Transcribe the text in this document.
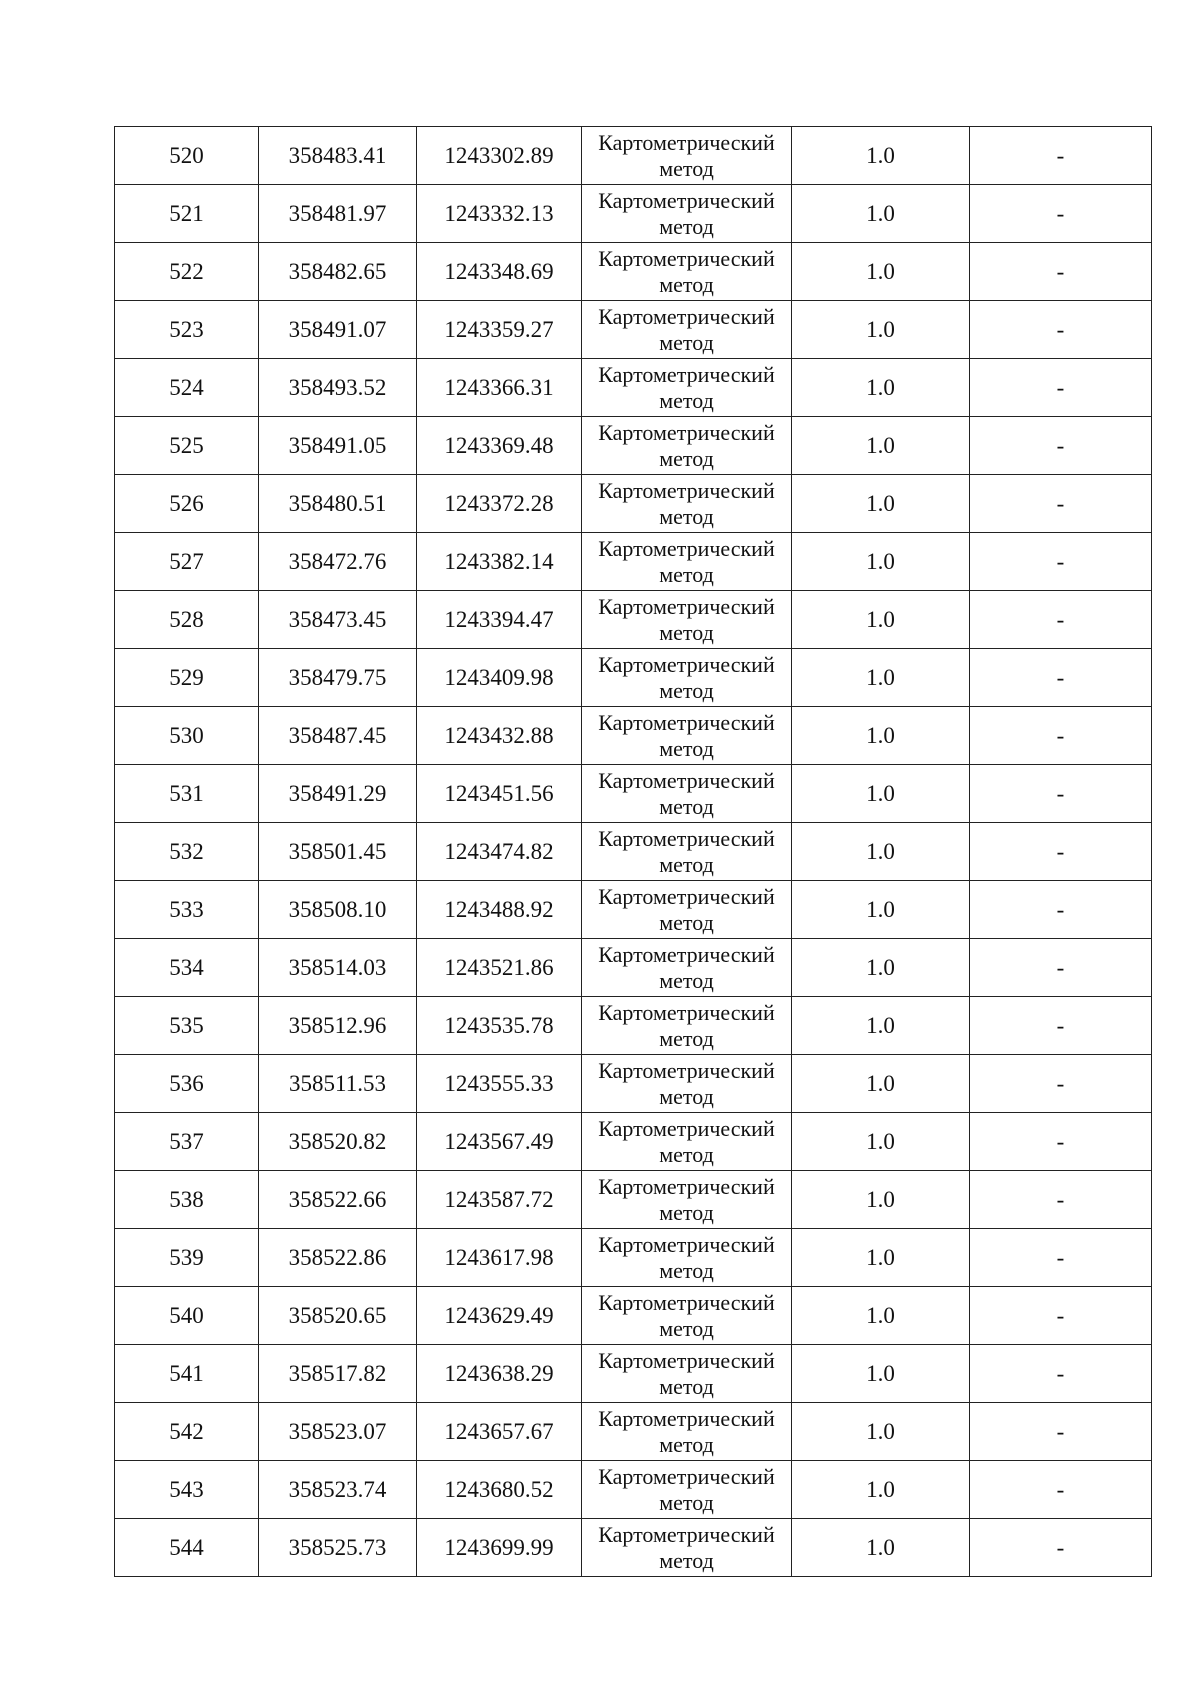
520	358483.41	1243302.89	Картометрический метод	1.0	-
521	358481.97	1243332.13	Картометрический метод	1.0	-
522	358482.65	1243348.69	Картометрический метод	1.0	-
523	358491.07	1243359.27	Картометрический метод	1.0	-
524	358493.52	1243366.31	Картометрический метод	1.0	-
525	358491.05	1243369.48	Картометрический метод	1.0	-
526	358480.51	1243372.28	Картометрический метод	1.0	-
527	358472.76	1243382.14	Картометрический метод	1.0	-
528	358473.45	1243394.47	Картометрический метод	1.0	-
529	358479.75	1243409.98	Картометрический метод	1.0	-
530	358487.45	1243432.88	Картометрический метод	1.0	-
531	358491.29	1243451.56	Картометрический метод	1.0	-
532	358501.45	1243474.82	Картометрический метод	1.0	-
533	358508.10	1243488.92	Картометрический метод	1.0	-
534	358514.03	1243521.86	Картометрический метод	1.0	-
535	358512.96	1243535.78	Картометрический метод	1.0	-
536	358511.53	1243555.33	Картометрический метод	1.0	-
537	358520.82	1243567.49	Картометрический метод	1.0	-
538	358522.66	1243587.72	Картометрический метод	1.0	-
539	358522.86	1243617.98	Картометрический метод	1.0	-
540	358520.65	1243629.49	Картометрический метод	1.0	-
541	358517.82	1243638.29	Картометрический метод	1.0	-
542	358523.07	1243657.67	Картометрический метод	1.0	-
543	358523.74	1243680.52	Картометрический метод	1.0	-
544	358525.73	1243699.99	Картометрический метод	1.0	-
